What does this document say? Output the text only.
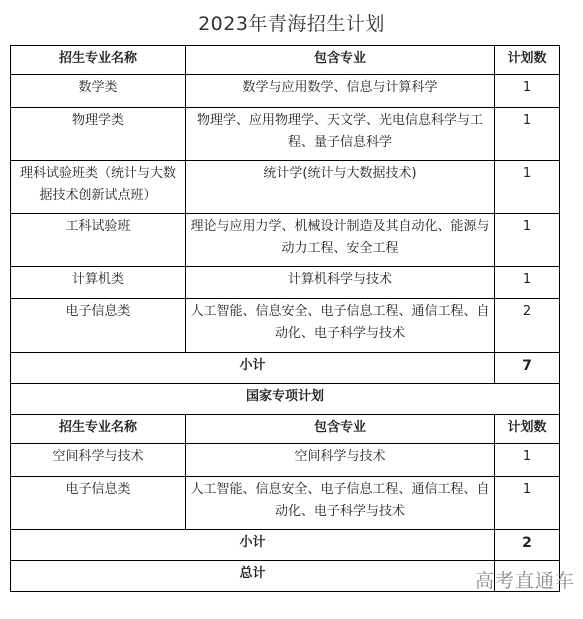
2023年青海招生计划
招生专业名称	包含专业	计划数
数学类	数学与应用数学、信息与计算科学	1
物理学类	物理学、应用物理学、天文学、光电信息科学与工程、量子信息科学	1
理科试验班类（统计与大数据技术创新试点班）	统计学(统计与大数据技术)	1
工科试验班	理论与应用力学、机械设计制造及其自动化、能源与动力工程、安全工程	1
计算机类	计算机科学与技术	1
电子信息类	人工智能、信息安全、电子信息工程、通信工程、自动化、电子科学与技术	2
小计		7
国家专项计划		
招生专业名称	包含专业	计划数
空间科学与技术	空间科学与技术	1
电子信息类	人工智能、信息安全、电子信息工程、通信工程、自动化、电子科学与技术	1
小计		2
总计			高考直通车
